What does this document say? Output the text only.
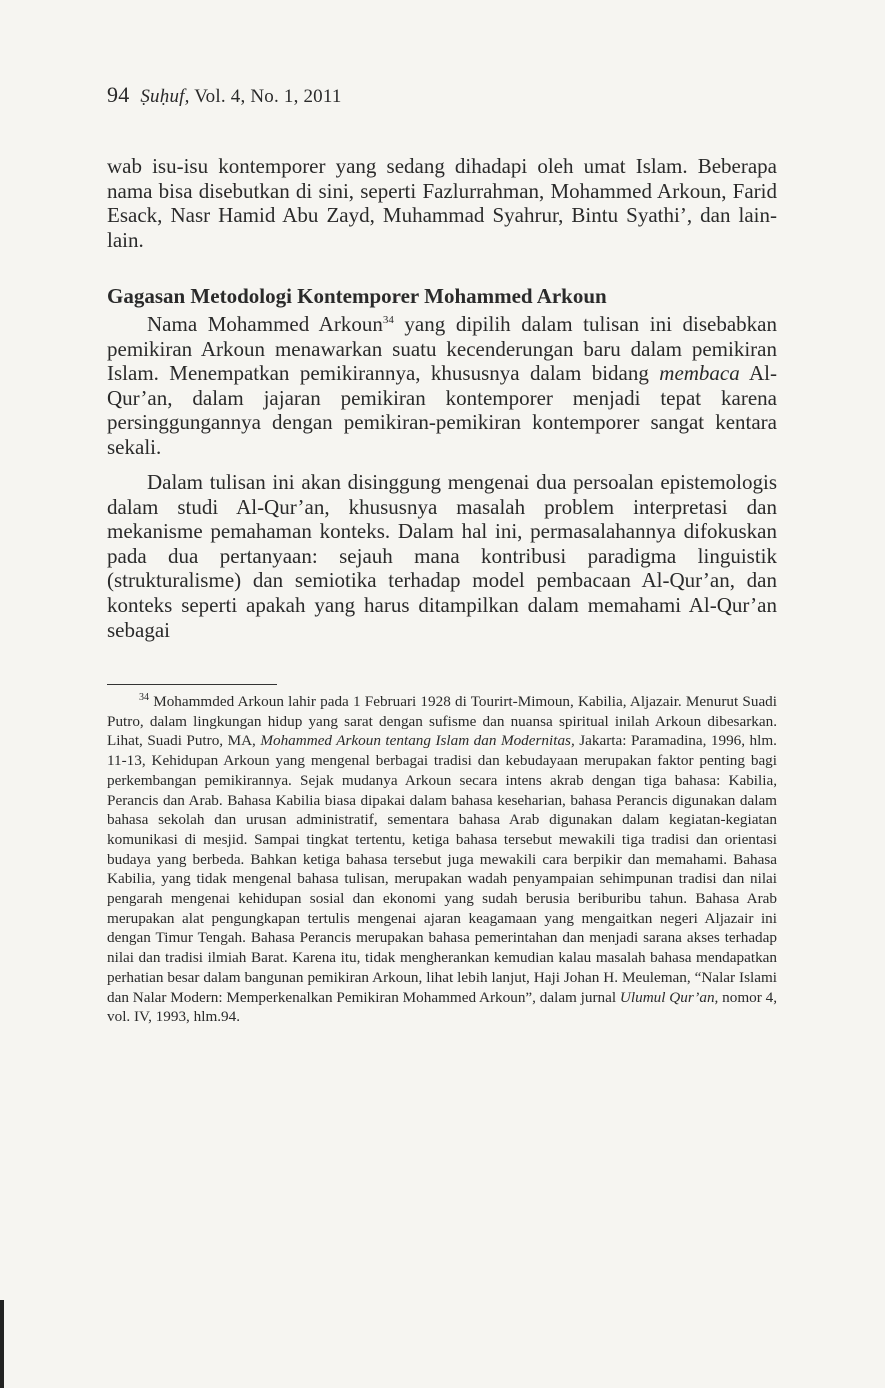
94 Ṣuḥuf, Vol. 4, No. 1, 2011

wab isu-isu kontemporer yang sedang dihadapi oleh umat Islam. Beberapa nama bisa disebutkan di sini, seperti Fazlurrahman, Mohammed Arkoun, Farid Esack, Nasr Hamid Abu Zayd, Muhammad Syahrur, Bintu Syathi’, dan lain-lain.

Gagasan Metodologi Kontemporer Mohammed Arkoun

Nama Mohammed Arkoun$^{34}$ yang dipilih dalam tulisan ini disebabkan pemikiran Arkoun menawarkan suatu kecenderungan baru dalam pemikiran Islam. Menempatkan pemikirannya, khususnya dalam bidang membaca Al-Qur’an, dalam jajaran pemikiran kontemporer menjadi tepat karena persinggungannya dengan pemikiran-pemikiran kontemporer sangat kentara sekali.

Dalam tulisan ini akan disinggung mengenai dua persoalan epistemologis dalam studi Al-Qur’an, khususnya masalah problem interpretasi dan mekanisme pemahaman konteks. Dalam hal ini, permasalahannya difokuskan pada dua pertanyaan: sejauh mana kontribusi paradigma linguistik (strukturalisme) dan semiotika terhadap model pembacaan Al-Qur’an, dan konteks seperti apakah yang harus ditampilkan dalam memahami Al-Qur’an sebagai

$^{34}$ Mohammded Arkoun lahir pada 1 Februari 1928 di Tourirt-Mimoun, Kabilia, Aljazair. Menurut Suadi Putro, dalam lingkungan hidup yang sarat dengan sufisme dan nuansa spiritual inilah Arkoun dibesarkan. Lihat, Suadi Putro, MA, Mohammed Arkoun tentang Islam dan Modernitas, Jakarta: Paramadina, 1996, hlm. 11-13, Kehidupan Arkoun yang mengenal berbagai tradisi dan kebudayaan merupakan faktor penting bagi perkembangan pemikirannya. Sejak mudanya Arkoun secara intens akrab dengan tiga bahasa: Kabilia, Perancis dan Arab. Bahasa Kabilia biasa dipakai dalam bahasa keseharian, bahasa Perancis digunakan dalam bahasa sekolah dan urusan administratif, sementara bahasa Arab digunakan dalam kegiatan-kegiatan komunikasi di mesjid. Sampai tingkat tertentu, ketiga bahasa tersebut mewakili tiga tradisi dan orientasi budaya yang berbeda. Bahkan ketiga bahasa tersebut juga mewakili cara berpikir dan memahami. Bahasa Kabilia, yang tidak mengenal bahasa tulisan, merupakan wadah penyampaian sehimpunan tradisi dan nilai pengarah mengenai kehidupan sosial dan ekonomi yang sudah berusia beriburibu tahun. Bahasa Arab merupakan alat pengungkapan tertulis mengenai ajaran keagamaan yang mengaitkan negeri Aljazair ini dengan Timur Tengah. Bahasa Perancis merupakan bahasa pemerintahan dan menjadi sarana akses terhadap nilai dan tradisi ilmiah Barat. Karena itu, tidak mengherankan kemudian kalau masalah bahasa mendapatkan perhatian besar dalam bangunan pemikiran Arkoun, lihat lebih lanjut, Haji Johan H. Meuleman, “Nalar Islami dan Nalar Modern: Memperkenalkan Pemikiran Mohammed Arkoun”, dalam jurnal Ulumul Qur’an, nomor 4, vol. IV, 1993, hlm.94.
